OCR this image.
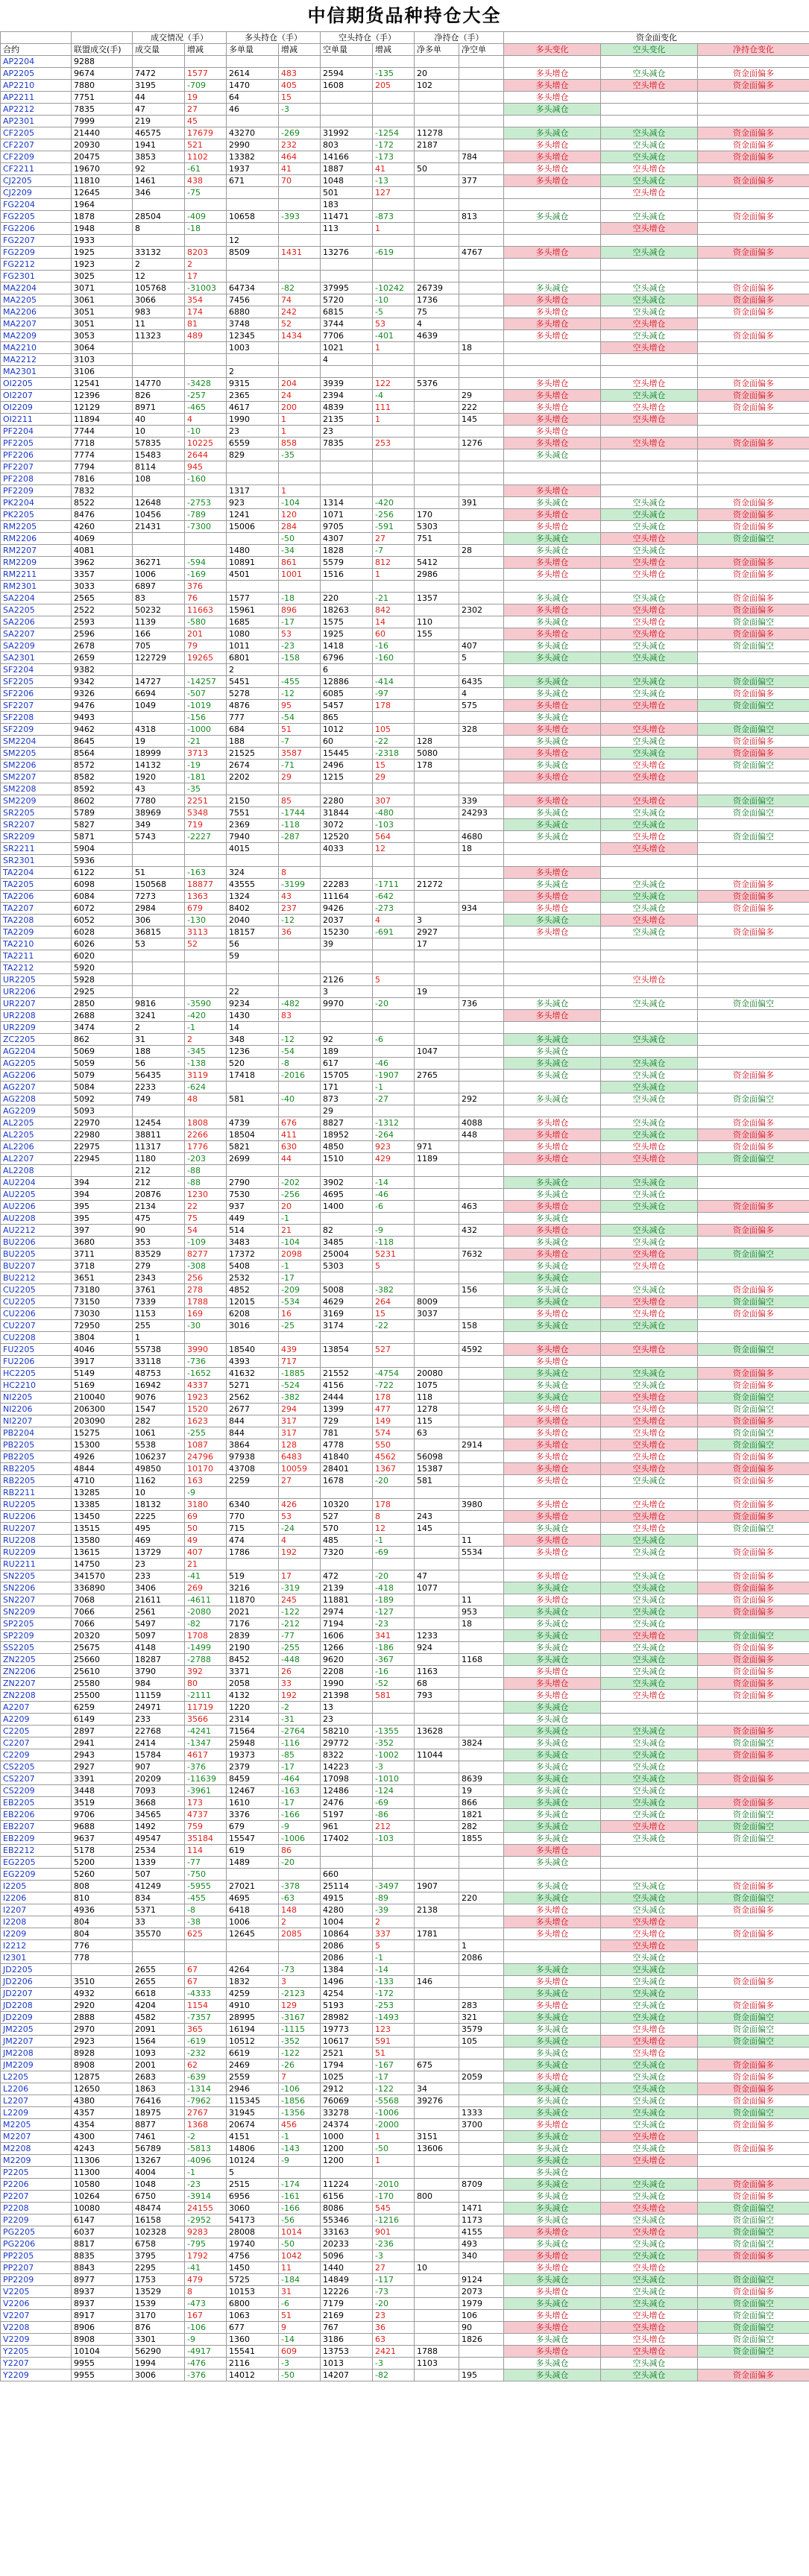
中信期货品种持仓大全
		成交情况（手）		多头持仓（手）		空头持仓（手）		净持仓（手）		资金面变化		
合约	联盟成交(手)	成交量	增减	多单量	增减	空单量	增减	净多单	净空单	多头变化	空头变化	净持仓变化
AP2204	9288											
AP2205	9674	7472	1577	2614	483	2594	-135	20		多头增仓	空头减仓	资金面偏多
AP2210	7880	3195	-709	1470	405	1608	205	102		多头增仓	空头增仓	资金面偏多
AP2211	7751	44	19	64	15					多头增仓		
AP2212	7835	47	27	46	-3					多头减仓		
AP2301	7999	219	45									
CF2205	21440	46575	17679	43270	-269	31992	-1254	11278		多头减仓	空头减仓	资金面偏多
CF2207	20930	1941	521	2990	232	803	-172	2187		多头增仓	空头减仓	资金面偏多
CF2209	20475	3853	1102	13382	464	14166	-173		784	多头增仓	空头减仓	资金面偏多
CF2211	19670	92	-61	1937	41	1887	41	50		多头增仓	空头增仓	
CJ2205	11810	1461	438	671	70	1048	-13		377	多头增仓	空头减仓	资金面偏多
CJ2209	12645	346	-75			501	127				空头增仓	
FG2204	1964					183						
FG2205	1878	28504	-409	10658	-393	11471	-873		813	多头减仓	空头减仓	资金面偏多
FG2206	1948	8	-18			113	1				空头增仓	
FG2207	1933			12								
FG2209	1925	33132	8203	8509	1431	13276	-619		4767	多头增仓	空头减仓	资金面偏多
FG2212	1923	2	2									
FG2301	3025	12	17									
MA2204	3071	105768	-31003	64734	-82	37995	-10242	26739		多头减仓	空头减仓	资金面偏多
MA2205	3061	3066	354	7456	74	5720	-10	1736		多头增仓	空头减仓	资金面偏多
MA2206	3051	983	174	6880	242	6815	-5	75		多头增仓	空头减仓	资金面偏多
MA2207	3051	11	81	3748	52	3744	53	4		多头增仓	空头增仓	
MA2209	3053	11323	489	12345	1434	7706	-401	4639		多头增仓	空头减仓	资金面偏多
MA2210	3064			1003		1021	1		18		空头增仓	
MA2212	3103					4						
MA2301	3106			2								
OI2205	12541	14770	-3428	9315	204	3939	122	5376		多头增仓	空头增仓	资金面偏多
OI2207	12396	826	-257	2365	24	2394	-4		29	多头增仓	空头减仓	资金面偏多
OI2209	12129	8971	-465	4617	200	4839	111		222	多头增仓	空头增仓	资金面偏多
OI2211	11894	40	4	1990	1	2135	1		145	多头增仓	空头增仓	
PF2204	7744	10	-10	23	1	23				多头增仓		
PF2205	7718	57835	10225	6559	858	7835	253		1276	多头增仓	空头增仓	资金面偏多
PF2206	7774	15483	2644	829	-35					多头减仓		
PF2207	7794	8114	945									
PF2208	7816	108	-160									
PF2209	7832			1317	1					多头增仓		
PK2204	8522	12648	-2753	923	-104	1314	-420		391	多头减仓	空头减仓	资金面偏多
PK2205	8476	10456	-789	1241	120	1071	-256	170		多头增仓	空头减仓	资金面偏多
RM2205	4260	21431	-7300	15006	284	9705	-591	5303		多头增仓	空头减仓	资金面偏多
RM2206	4069				-50	4307	27	751		多头减仓	空头增仓	资金面偏空
RM2207	4081			1480	-34	1828	-7		28	多头减仓	空头减仓	
RM2209	3962	36271	-594	10891	861	5579	812	5412		多头增仓	空头增仓	资金面偏多
RM2211	3357	1006	-169	4501	1001	1516	1	2986		多头增仓	空头增仓	资金面偏多
RM2301	3033	6897	376									
SA2204	2565	83	76	1577	-18	220	-21	1357		多头减仓	空头减仓	资金面偏多
SA2205	2522	50232	11663	15961	896	18263	842		2302	多头增仓	空头增仓	资金面偏多
SA2206	2593	1139	-580	1685	-17	1575	14	110		多头减仓	空头增仓	资金面偏空
SA2207	2596	166	201	1080	53	1925	60	155		多头增仓	空头增仓	资金面偏多
SA2209	2678	705	79	1011	-23	1418	-16		407	多头减仓	空头减仓	资金面偏空
SA2301	2659	122729	19265	6801	-158	6796	-160		5	多头减仓	空头减仓	
SF2204	9382			2		6						
SF2205	9342	14727	-14257	5451	-455	12886	-414		6435	多头减仓	空头减仓	资金面偏空
SF2206	9326	6694	-507	5278	-12	6085	-97		4	多头减仓	空头减仓	资金面偏多
SF2207	9476	1049	-1019	4876	95	5457	178		575	多头增仓	空头增仓	资金面偏空
SF2208	9493		-156	777	-54	865				多头减仓		
SF2209	9462	4318	-1000	684	51	1012	105		328	多头增仓	空头增仓	资金面偏空
SM2204	8645	19	-21	188	-7	60	-22	128		多头减仓	空头减仓	资金面偏多
SM2205	8564	18999	3713	21525	3587	15445	-2318	5080		多头增仓	空头减仓	资金面偏多
SM2206	8572	14132	-19	2674	-71	2496	15	178		多头减仓	空头增仓	资金面偏空
SM2207	8582	1920	-181	2202	29	1215	29			多头增仓	空头增仓	
SM2208	8592	43	-35									
SM2209	8602	7780	2251	2150	85	2280	307		339	多头增仓	空头增仓	资金面偏空
SR2205	5789	38969	5348	7551	-1744	31844	-480		24293	多头减仓	空头减仓	资金面偏空
SR2207	5827	349	719	2369	-118	3072	-103			多头减仓	空头减仓	
SR2209	5871	5743	-2227	7940	-287	12520	564		4680	多头减仓	空头增仓	资金面偏空
SR2211	5904			4015		4033	12		18		空头增仓	
SR2301	5936											
TA2204	6122	51	-163	324	8					多头增仓		
TA2205	6098	150568	18877	43555	-3199	22283	-1711	21272		多头减仓	空头减仓	资金面偏多
TA2206	6084	7273	1363	1324	43	11164	-642			多头增仓	空头减仓	资金面偏多
TA2207	6072	2984	679	8402	237	9426	-273		934	多头增仓	空头减仓	资金面偏多
TA2208	6052	306	-130	2040	-12	2037	4	3		多头减仓	空头增仓	
TA2209	6028	36815	3113	18157	36	15230	-691	2927		多头增仓	空头减仓	资金面偏多
TA2210	6026	53	52	56		39		17				
TA2211	6020			59								
TA2212	5920											
UR2205	5928					2126	5				空头增仓	
UR2206	2925			22		3		19				
UR2207	2850	9816	-3590	9234	-482	9970	-20		736	多头减仓	空头减仓	资金面偏空
UR2208	2688	3241	-420	1430	83					多头增仓		
UR2209	3474	2	-1	14								
ZC2205	862	31	2	348	-12	92	-6			多头减仓	空头减仓	
AG2204	5069	188	-345	1236	-54	189		1047		多头减仓		
AG2205	5059	56	-138	520	-8	617	-46			多头减仓	空头减仓	
AG2206	5079	56435	3119	17418	-2016	15705	-1907	2765		多头减仓	空头减仓	资金面偏多
AG2207	5084	2233	-624			171	-1				空头减仓	
AG2208	5092	749	48	581	-40	873	-27		292	多头减仓	空头减仓	资金面偏空
AG2209	5093					29						
AL2205	22970	12454	1808	4739	676	8827	-1312		4088	多头增仓	空头减仓	资金面偏多
AL2205	22980	38811	2266	18504	411	18952	-264		448	多头增仓	空头减仓	资金面偏多
AL2206	22975	11317	1776	5821	630	4850	923	971		多头增仓	空头增仓	资金面偏多
AL2207	22945	1180	-203	2699	44	1510	429	1189		多头增仓	空头增仓	资金面偏空
AL2208		212	-88									
AU2204	394	212	-88	2790	-202	3902	-14			多头减仓	空头减仓	
AU2205	394	20876	1230	7530	-256	4695	-46			多头减仓	空头减仓	
AU2206	395	2134	22	937	20	1400	-6		463	多头增仓	空头减仓	资金面偏多
AU2208	395	475	75	449	-1					多头减仓		
AU2212	397	90	54	514	21	82	-9		432	多头增仓	空头减仓	资金面偏多
BU2206	3680	353	-109	3483	-104	3485	-118			多头减仓	空头减仓	
BU2205	3711	83529	8277	17372	2098	25004	5231		7632	多头增仓	空头增仓	资金面偏空
BU2207	3718	279	-308	5408	-1	5303	5			多头减仓	空头增仓	
BU2212	3651	2343	256	2532	-17					多头减仓		
CU2205	73180	3761	278	4852	-209	5008	-382		156	多头减仓	空头减仓	资金面偏多
CU2205	73150	7339	1788	12015	-534	4629	264	8009		多头减仓	空头增仓	资金面偏空
CU2206	73030	1153	169	6208	16	3169	15	3037		多头增仓	空头增仓	资金面偏多
CU2207	72950	255	-30	3016	-25	3174	-22		158	多头减仓	空头减仓	
CU2208	3804	1										
FU2205	4046	55738	3990	18540	439	13854	527		4592	多头增仓	空头增仓	资金面偏空
FU2206	3917	33118	-736	4393	717					多头增仓		
HC2205	5149	48753	-1652	41632	-1885	21552	-4754	20080		多头减仓	空头减仓	资金面偏多
HC2210	5169	16942	4337	5271	-524	4156	-722	1075		多头减仓	空头减仓	资金面偏多
NI2205	210040	9076	1923	2562	-382	2444	178	118		多头减仓	空头增仓	资金面偏空
NI2206	206300	1547	1520	2677	294	1399	477	1278		多头增仓	空头增仓	资金面偏空
NI2207	203090	282	1623	844	317	729	149	115		多头增仓	空头增仓	资金面偏多
PB2204	15275	1061	-255	844	317	781	574	63		多头增仓	空头增仓	资金面偏空
PB2205	15300	5538	1087	3864	128	4778	550		2914	多头增仓	空头增仓	资金面偏空
PB2205	4926	106237	24796	97938	6483	41840	4562	56098		多头增仓	空头增仓	资金面偏多
RB2205	4844	49850	10170	43708	10059	28401	1367	15387		多头增仓	空头增仓	资金面偏多
RB2205	4710	1162	163	2259	27	1678	-20	581		多头增仓	空头减仓	资金面偏多
RB2211	13285	10	-9									
RU2205	13385	18132	3180	6340	426	10320	178		3980	多头增仓	空头增仓	资金面偏多
RU2206	13450	2225	69	770	53	527	8	243		多头增仓	空头增仓	资金面偏多
RU2207	13515	495	50	715	-24	570	12	145		多头减仓	空头增仓	资金面偏空
RU2208	13580	469	49	474	4	485	-1		11	多头增仓	空头减仓	
RU2209	13615	13729	407	1786	192	7320	-69		5534	多头增仓	空头减仓	资金面偏多
RU2211	14750	23	21									
SN2205	341570	233	-41	519	17	472	-20	47		多头增仓	空头减仓	资金面偏多
SN2206	336890	3406	269	3216	-319	2139	-418	1077		多头减仓	空头减仓	资金面偏多
SN2207	7068	21611	-4611	11870	245	11881	-189		11	多头增仓	空头减仓	资金面偏多
SN2209	7066	2561	-2080	2021	-122	2974	-127		953	多头减仓	空头减仓	资金面偏多
SP2205	7066	5497	-82	7176	-212	7194	-23		18	多头减仓	空头减仓	
SP2209	20320	5097	1708	2839	-77	1606	341	1233		多头减仓	空头增仓	资金面偏空
SS2205	25675	4148	-1499	2190	-255	1266	-186	924		多头减仓	空头减仓	资金面偏多
ZN2205	25660	18287	-2788	8452	-448	9620	-367		1168	多头减仓	空头减仓	资金面偏多
ZN2206	25610	3790	392	3371	26	2208	-16	1163		多头增仓	空头减仓	资金面偏多
ZN2207	25580	984	80	2058	33	1990	-52	68		多头增仓	空头减仓	资金面偏多
ZN2208	25500	11159	-2111	4132	192	21398	581	793		多头增仓	空头增仓	资金面偏多
A2207	6259	24971	11719	1220	-2	13				多头减仓		
A2209	6149	233	3566	2314	-31	23				多头减仓		
C2205	2897	22768	-4241	71564	-2764	58210	-1355	13628		多头减仓	空头减仓	资金面偏多
C2207	2941	2414	-1347	25948	-116	29772	-352		3824	多头减仓	空头减仓	资金面偏空
C2209	2943	15784	4617	19373	-85	8322	-1002	11044		多头减仓	空头减仓	资金面偏多
CS2205	2927	907	-376	2379	-17	14223	-3			多头减仓	空头减仓	
CS2207	3391	20209	-11639	8459	-464	17098	-1010		8639	多头减仓	空头减仓	资金面偏多
CS2209	3448	7093	-3961	12467	-163	12486	-124		19	多头减仓	空头减仓	
EB2205	3519	3668	173	1610	-17	2476	-69		866	多头减仓	空头减仓	资金面偏多
EB2206	9706	34565	4737	3376	-166	5197	-86		1821	多头减仓	空头减仓	资金面偏空
EB2207	9688	1492	759	679	-9	961	212		282	多头减仓	空头增仓	资金面偏空
EB2209	9637	49547	35184	15547	-1006	17402	-103		1855	多头减仓	空头减仓	资金面偏空
EB2212	5178	2534	114	619	86					多头增仓		
EG2205	5200	1339	-77	1489	-20					多头减仓		
EG2209	5260	507	-750			660						
I2205	808	41249	-5955	27021	-378	25114	-3497	1907		多头减仓	空头减仓	资金面偏多
I2206	810	834	-455	4695	-63	4915	-89		220	多头减仓	空头减仓	资金面偏空
I2207	4936	5371	-8	6418	148	4280	-39	2138		多头增仓	空头减仓	资金面偏多
I2208	804	33	-38	1006	2	1004	2			多头增仓	空头增仓	
I2209	804	35570	625	12645	2085	10864	337	1781		多头增仓	空头增仓	资金面偏多
I2212	776					2086	5		1		空头增仓	
I2301	778					2086	-1		2086		空头减仓	
JD2205		2655	67	4264	-73	1384	-14			多头减仓	空头减仓	
JD2206	3510	2655	67	1832	3	1496	-133	146		多头增仓	空头减仓	资金面偏多
JD2207	4932	6618	-4333	4259	-2123	4254	-172			多头减仓	空头减仓	
JD2208	2920	4204	1154	4910	129	5193	-253		283	多头增仓	空头减仓	资金面偏多
JD2209	2888	4582	-7357	28995	-3167	28982	-1493		321	多头减仓	空头减仓	资金面偏空
JM2205	2970	2091	365	16194	-1115	19773	123		3579	多头减仓	空头增仓	资金面偏空
JM2207	2923	1564	-619	10512	-352	10617	591		105	多头减仓	空头增仓	资金面偏空
JM2208	8928	1093	-232	6619	-122	2521	51			多头减仓	空头增仓	
JM2209	8908	2001	62	2469	-26	1794	-167	675		多头减仓	空头减仓	资金面偏多
L2205	12875	2683	-639	2559	7	1025	-17		2059	多头增仓	空头减仓	资金面偏多
L2206	12650	1863	-1314	2946	-106	2912	-122	34		多头减仓	空头减仓	资金面偏多
L2207	4380	76416	-7962	115345	-1856	76069	-5568	39276		多头减仓	空头减仓	资金面偏多
L2209	4357	18975	2767	31945	-1356	33278	-1006		1333	多头减仓	空头减仓	资金面偏空
M2205	4354	8877	1368	20674	456	24374	-2000		3700	多头增仓	空头减仓	资金面偏多
M2207	4300	7461	-2	4151	-1	1000	1	3151		多头减仓	空头增仓	
M2208	4243	56789	-5813	14806	-143	1200	-50	13606		多头减仓	空头减仓	资金面偏多
M2209	11306	13267	-4096	10124	-9	1200	1			多头减仓	空头增仓	
P2205	11300	4004	-1	5						多头减仓		
P2206	10580	1048	-23	2515	-174	11224	-2010		8709	多头减仓	空头减仓	资金面偏多
P2207	10264	6750	-3914	6956	-161	6156	-170	800		多头减仓	空头减仓	资金面偏多
P2208	10080	48474	24155	3060	-166	8086	545		1471	多头减仓	空头增仓	资金面偏空
P2209	6147	16158	-2952	54173	-56	55346	-1216		1173	多头减仓	空头减仓	资金面偏空
PG2205	6037	102328	9283	28008	1014	33163	901		4155	多头增仓	空头增仓	资金面偏空
PG2206	8817	6758	-795	19740	-50	20233	-236		493	多头减仓	空头减仓	资金面偏空
PP2205	8835	3795	1792	4756	1042	5096	-3		340	多头增仓	空头减仓	资金面偏多
PP2207	8843	2295	-41	1450	11	1440	27	10		多头增仓	空头增仓	
PP2209	8977	1753	479	5725	-184	14849	-117		9124	多头减仓	空头减仓	资金面偏空
V2205	8937	13529	8	10153	31	12226	-73		2073	多头增仓	空头减仓	资金面偏多
V2206	8937	1539	-473	6800	-6	7179	-20		1979	多头减仓	空头减仓	资金面偏空
V2207	8917	3170	167	1063	51	2169	23		106	多头增仓	空头增仓	资金面偏空
V2208	8906	876	-106	677	9	767	36		90	多头增仓	空头增仓	资金面偏空
V2209	8908	3301	-9	1360	-14	3186	63		1826	多头减仓	空头增仓	资金面偏空
Y2205	10104	56290	-4917	15541	609	13753	2421	1788		多头增仓	空头增仓	资金面偏空
Y2207	9955	1994	-476	2116	-3	1013	-3	1103		多头减仓	空头减仓	
Y2209	9955	3006	-376	14012	-50	14207	-82		195	多头减仓	空头减仓	资金面偏多
